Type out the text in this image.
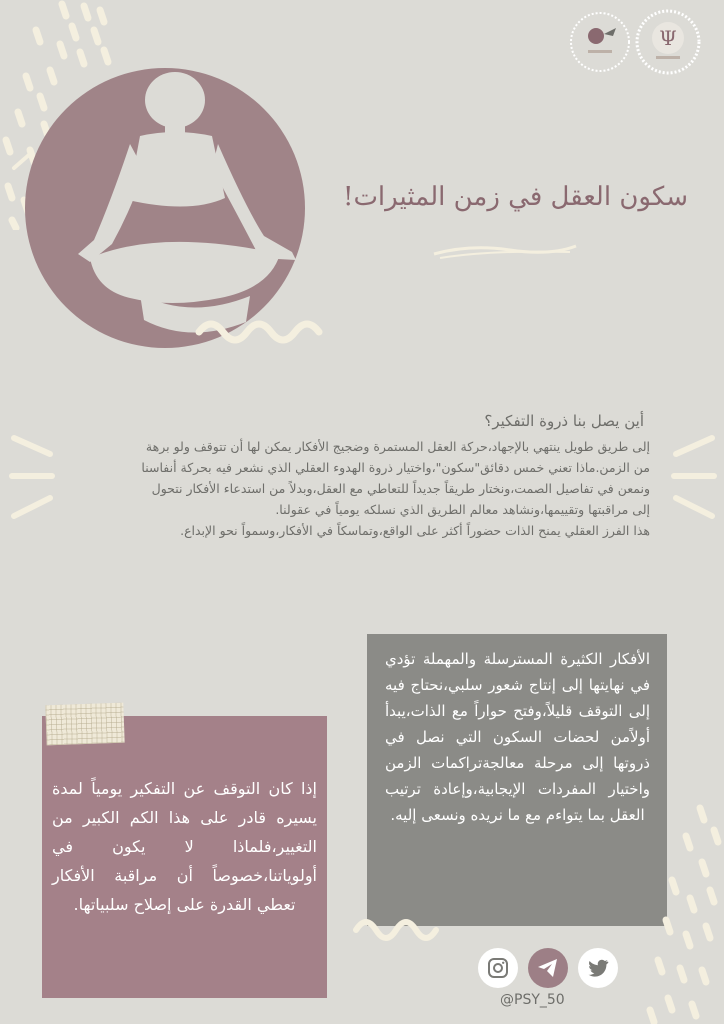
Ψ
سكون العقل في زمن المثيرات!
أين يصل بنا ذروة التفكير؟
إلى طريق طويل ينتهي بالإجهاد،حركة العقل المستمرة وضجيج الأفكار يمكن لها أن تتوقف ولو برهة
من الزمن.ماذا تعني خمس دقائق"سكون"،واختيار ذروة الهدوء العقلي الذي نشعر فيه بحركة أنفاسنا
ونمعن في تفاصيل الصمت،ونختار طريقاً جديداً للتعاطي مع العقل،وبدلاً من استدعاء الأفكار نتحول
إلى مراقبتها وتقييمها،ونشاهد معالم الطريق الذي نسلكه يومياً في عقولنا.
هذا الفرز العقلي يمنح الذات حضوراً أكثر على الواقع،وتماسكاً في الأفكار،وسمواً نحو الإبداع.
الأفكار الكثيرة المسترسلة والمهملة تؤدي في نهايتها إلى إنتاج شعور سلبي،نحتاج فيه إلى التوقف قليلاً،وفتح حواراً مع الذات،يبدأ أولاًمن لحضات السكون التي نصل في ذروتها إلى مرحلة معالجةتراكمات الزمن واختيار المفردات الإيجابية،وإعادة ترتيب العقل بما يتواءم مع ما نريده ونسعى إليه.
إذا كان التوقف عن التفكير يومياً لمدة يسيره قادر على هذا الكم الكبير من التغيير،فلماذا لا يكون في أولوياتنا،خصوصاً أن مراقبة الأفكار تعطي القدرة على إصلاح سلبياتها.
@PSY_50
